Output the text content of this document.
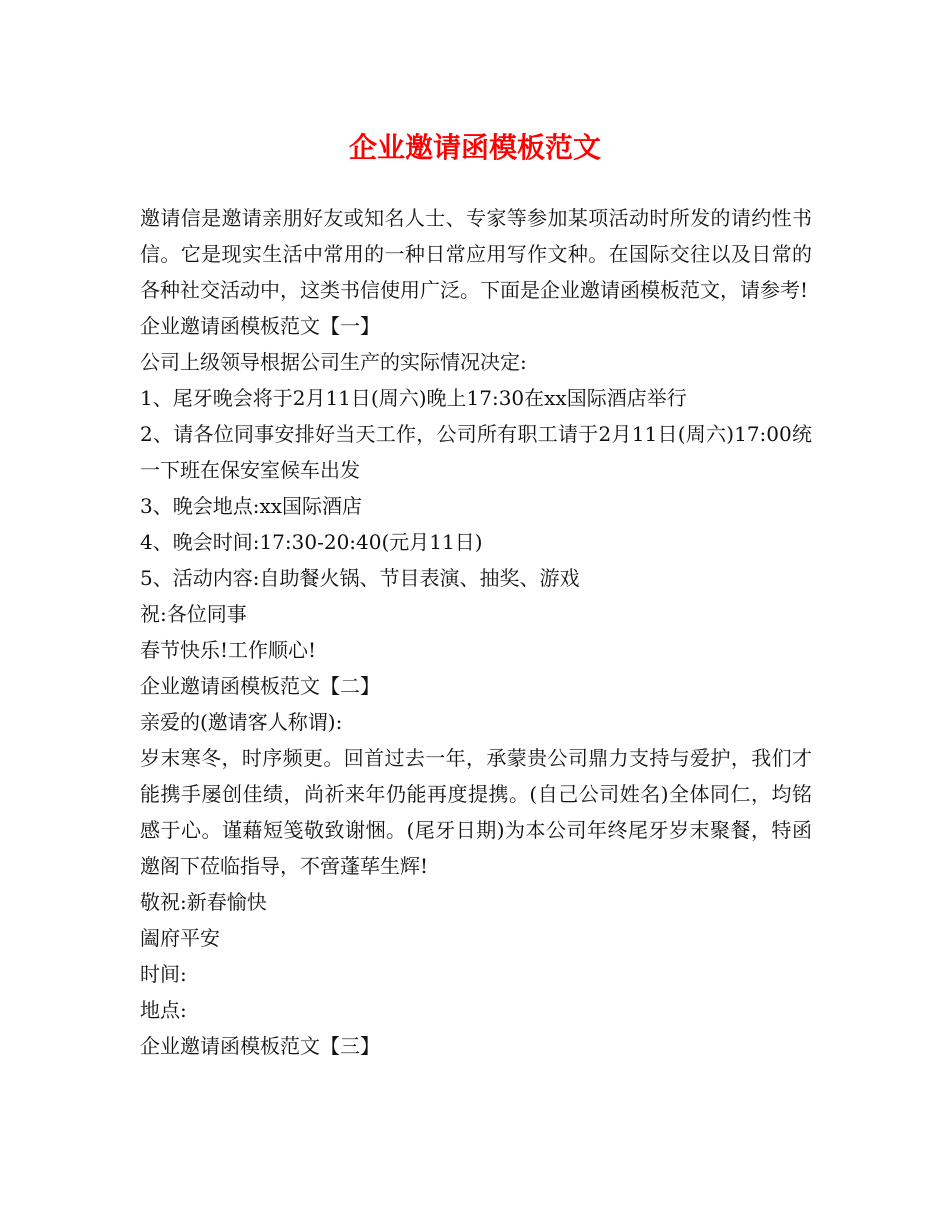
企业邀请函模板范文

邀请信是邀请亲朋好友或知名人士、专家等参加某项活动时所发的请约性书信。它是现实生活中常用的一种日常应用写作文种。在国际交往以及日常的各种社交活动中，这类书信使用广泛。下面是企业邀请函模板范文，请参考!

企业邀请函模板范文【一】

公司上级领导根据公司生产的实际情况决定:

1、尾牙晚会将于2月11日(周六)晚上17:30在xx国际酒店举行

2、请各位同事安排好当天工作，公司所有职工请于2月11日(周六)17:00统一下班在保安室候车出发

3、晚会地点:xx国际酒店

4、晚会时间:17:30-20:40(元月11日)

5、活动内容:自助餐火锅、节目表演、抽奖、游戏

祝:各位同事

春节快乐!工作顺心!

企业邀请函模板范文【二】

亲爱的(邀请客人称谓):

岁末寒冬，时序频更。回首过去一年，承蒙贵公司鼎力支持与爱护，我们才能携手屡创佳绩，尚祈来年仍能再度提携。(自己公司姓名)全体同仁，均铭感于心。谨藉短笺敬致谢悃。(尾牙日期)为本公司年终尾牙岁末聚餐，特函邀阁下莅临指导，不啻蓬荜生辉!

敬祝:新春愉快

阖府平安

时间:

地点:

企业邀请函模板范文【三】
